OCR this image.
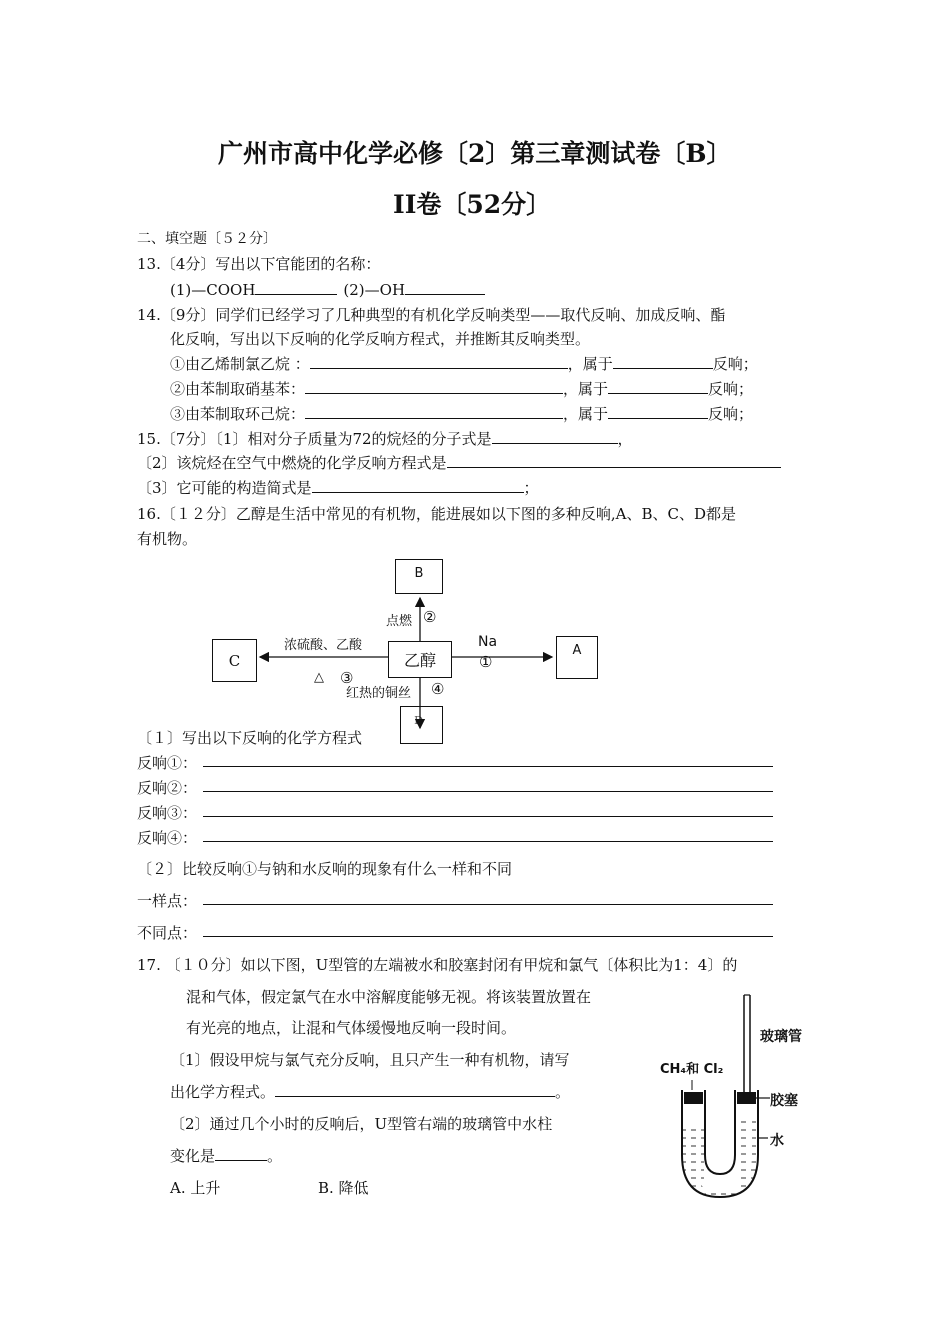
广州市高中化学必修〔2〕第三章测试卷〔B〕
II卷〔52分〕
二、填空题〔５２分〕
13.〔4分〕写出以下官能团的名称：
(1)—COOH	(2)—OH
14.〔9分〕同学们已经学习了几种典型的有机化学反响类型——取代反响、加成反响、酯
化反响，写出以下反响的化学反响方程式，并推断其反响类型。
①由乙烯制氯乙烷 ：	，属于	反响；
②由苯制取硝基苯：	，属于	反响；
③由苯制取环己烷：	，属于	反响；
15.〔7分〕〔1〕相对分子质量为72的烷烃的分子式是	，
〔2〕该烷烃在空气中燃烧的化学反响方程式是
〔3〕它可能的构造简式是	；
16.〔１２分〕乙醇是生活中常见的有机物，能进展如以下图的多种反响,A、B、C、D都是
有机物。
B
C	乙醇
A
D
点燃 ②
浓硫酸、乙酸
△ ③
Na
①
红热的铜丝 ④
〔１〕写出以下反响的化学方程式
反响①：
反响②：
反响③：
反响④：
〔２〕比较反响①与钠和水反响的现象有什么一样和不同
一样点：
不同点：
17. 〔１０分〕如以下图，U型管的左端被水和胶塞封闭有甲烷和氯气〔体积比为1：4〕的
混和气体，假定氯气在水中溶解度能够无视。将该装置放置在
有光亮的地点，让混和气体缓慢地反响一段时间。
〔1〕假设甲烷与氯气充分反响，且只产生一种有机物，请写
出化学方程式。	。
〔2〕通过几个小时的反响后，U型管右端的玻璃管中水柱
变化是	。
A. 上升	B. 降低
CH₄和 Cl₂
玻璃管
胶塞
水
